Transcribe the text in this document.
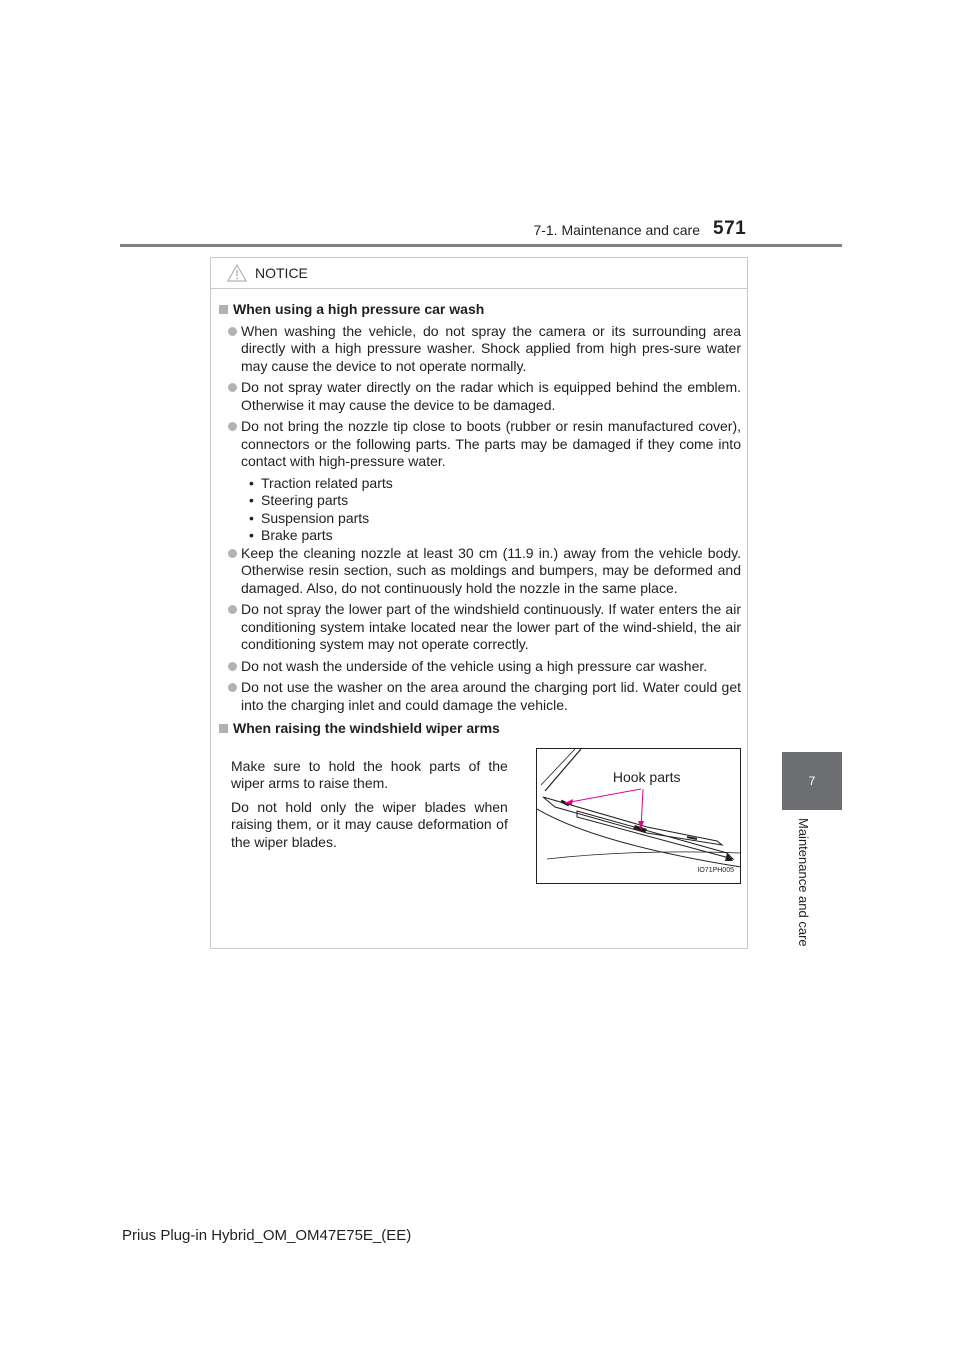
7-1. Maintenance and care 571
7
Maintenance and care
NOTICE
When using a high pressure car wash
When washing the vehicle, do not spray the camera or its surrounding area directly with a high pressure washer. Shock applied from high pres-sure water may cause the device to not operate normally.
Do not spray water directly on the radar which is equipped behind the emblem. Otherwise it may cause the device to be damaged.
Do not bring the nozzle tip close to boots (rubber or resin manufactured cover), connectors or the following parts. The parts may be damaged if they come into contact with high-pressure water.
• Traction related parts
• Steering parts
• Suspension parts
• Brake parts
Keep the cleaning nozzle at least 30 cm (11.9 in.) away from the vehicle body. Otherwise resin section, such as moldings and bumpers, may be deformed and damaged. Also, do not continuously hold the nozzle in the same place.
Do not spray the lower part of the windshield continuously. If water enters the air conditioning system intake located near the lower part of the wind-shield, the air conditioning system may not operate correctly.
Do not wash the underside of the vehicle using a high pressure car washer.
Do not use the washer on the area around the charging port lid. Water could get into the charging inlet and could damage the vehicle.
When raising the windshield wiper arms

Make sure to hold the hook parts of the wiper arms to raise them.

Do not hold only the wiper blades when raising them, or it may cause deformation of the wiper blades.

Hook parts
IO71PH005
Prius Plug-in Hybrid_OM_OM47E75E_(EE)
